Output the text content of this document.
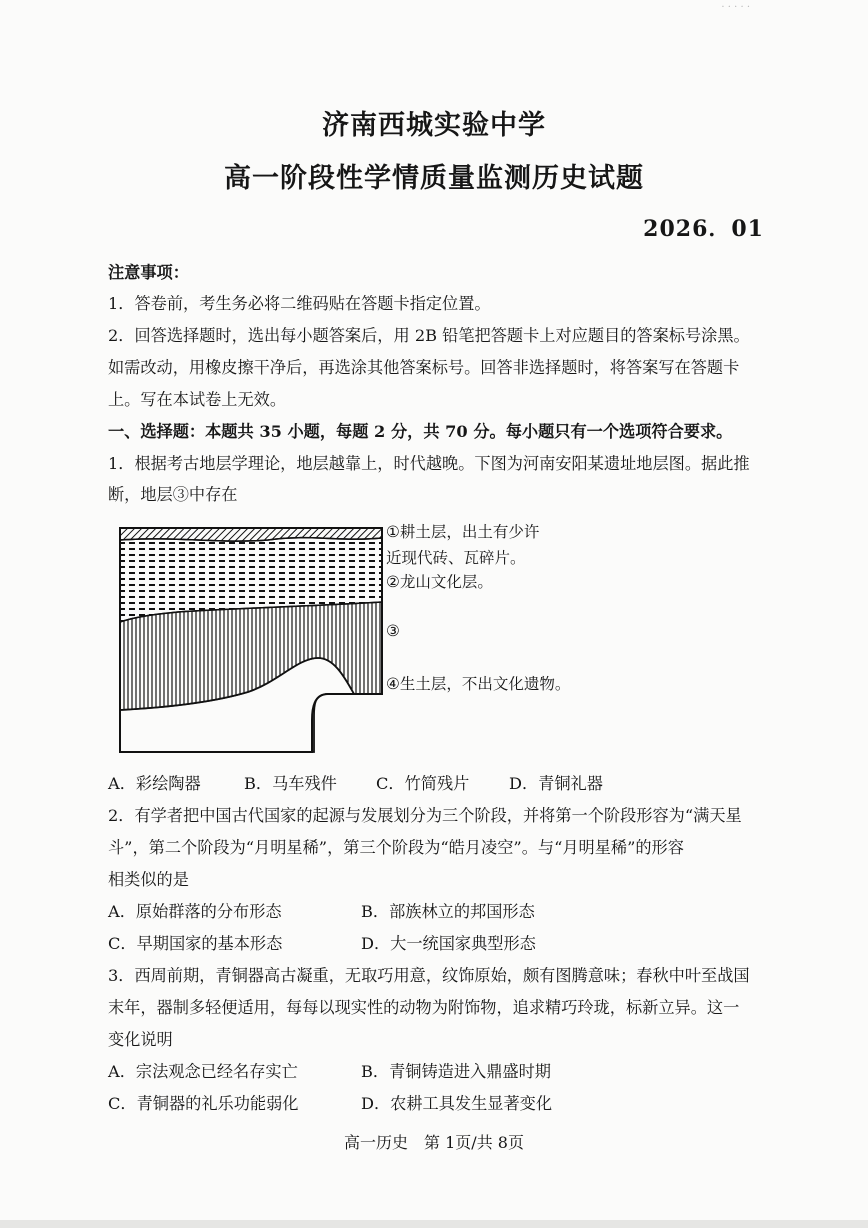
· · · · ·
济南西城实验中学
高一阶段性学情质量监测历史试题
2026．01
注意事项：
1．答卷前，考生务必将二维码贴在答题卡指定位置。
2．回答选择题时，选出每小题答案后，用 2B 铅笔把答题卡上对应题目的答案标号涂黑。
如需改动，用橡皮擦干净后，再选涂其他答案标号。回答非选择题时，将答案写在答题卡
上。写在本试卷上无效。
一、选择题：本题共 35 小题，每题 2 分，共 70 分。每小题只有一个选项符合要求。
1．根据考古地层学理论，地层越靠上，时代越晚。下图为河南安阳某遗址地层图。据此推
断，地层③中存在
①耕土层，出土有少许
近现代砖、瓦碎片。
②龙山文化层。
③
④生土层，不出文化遗物。
A．彩绘陶器	B．马车残件 C．竹简残片 D．青铜礼器
2．有学者把中国古代国家的起源与发展划分为三个阶段，并将第一个阶段形容为“满天星
斗”，第二个阶段为“月明星稀”，第三个阶段为“皓月凌空”。与“月明星稀”的形容
相类似的是
A．原始群落的分布形态	B．部族林立的邦国形态
C．早期国家的基本形态	D．大一统国家典型形态
3．西周前期，青铜器高古凝重，无取巧用意，纹饰原始，颇有图腾意味；春秋中叶至战国
末年，器制多轻便适用，每每以现实性的动物为附饰物，追求精巧玲珑，标新立异。这一
变化说明
A．宗法观念已经名存实亡	B．青铜铸造进入鼎盛时期
C．青铜器的礼乐功能弱化	D．农耕工具发生显著变化
高一历史　第 1页/共 8页
